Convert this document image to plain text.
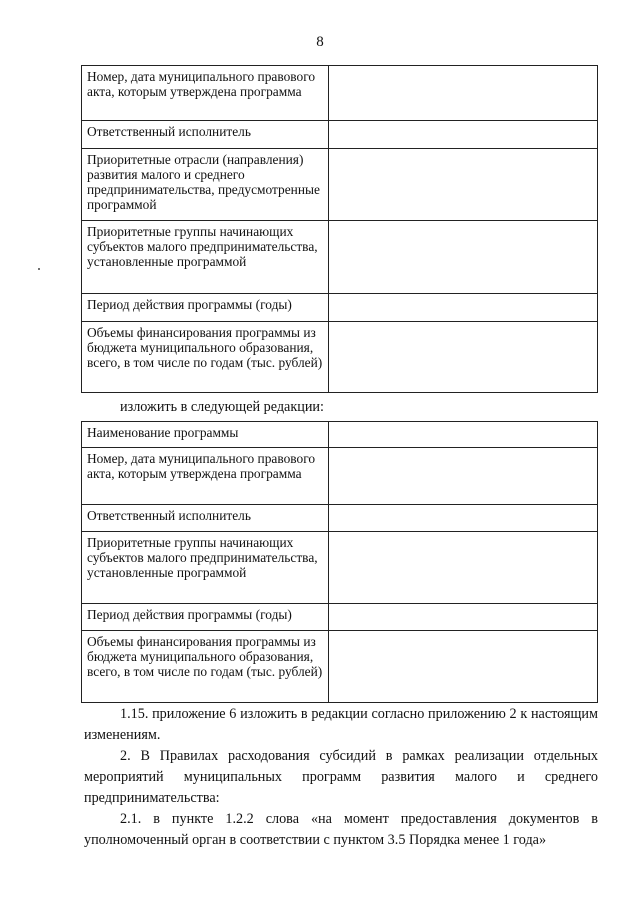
8
Номер, дата муниципального правового акта, которым утверждена программа	
Ответственный исполнитель	
Приоритетные отрасли (направления) развития малого и среднего предпринимательства, предусмотренные программой	
Приоритетные группы начинающих субъектов малого предпринимательства, установленные программой	
Период действия программы (годы)	
Объемы финансирования программы из бюджета муниципального образования, всего, в том числе по годам (тыс. рублей)	
изложить в следующей редакции:
Наименование программы	
Номер, дата муниципального правового акта, которым утверждена программа	
Ответственный исполнитель	
Приоритетные группы начинающих субъектов малого предпринимательства, установленные программой	
Период действия программы (годы)	
Объемы финансирования программы из бюджета муниципального образования, всего, в том числе по годам (тыс. рублей)	

1.15. приложение 6 изложить в редакции согласно приложению 2 к настоящим изменениям.

2. В Правилах расходования субсидий в рамках реализации отдельных мероприятий муниципальных программ развития малого и среднего предпринимательства:

2.1. в пункте 1.2.2 слова «на момент предоставления документов в уполномоченный орган в соответствии с пунктом 3.5 Порядка менее 1 года»
